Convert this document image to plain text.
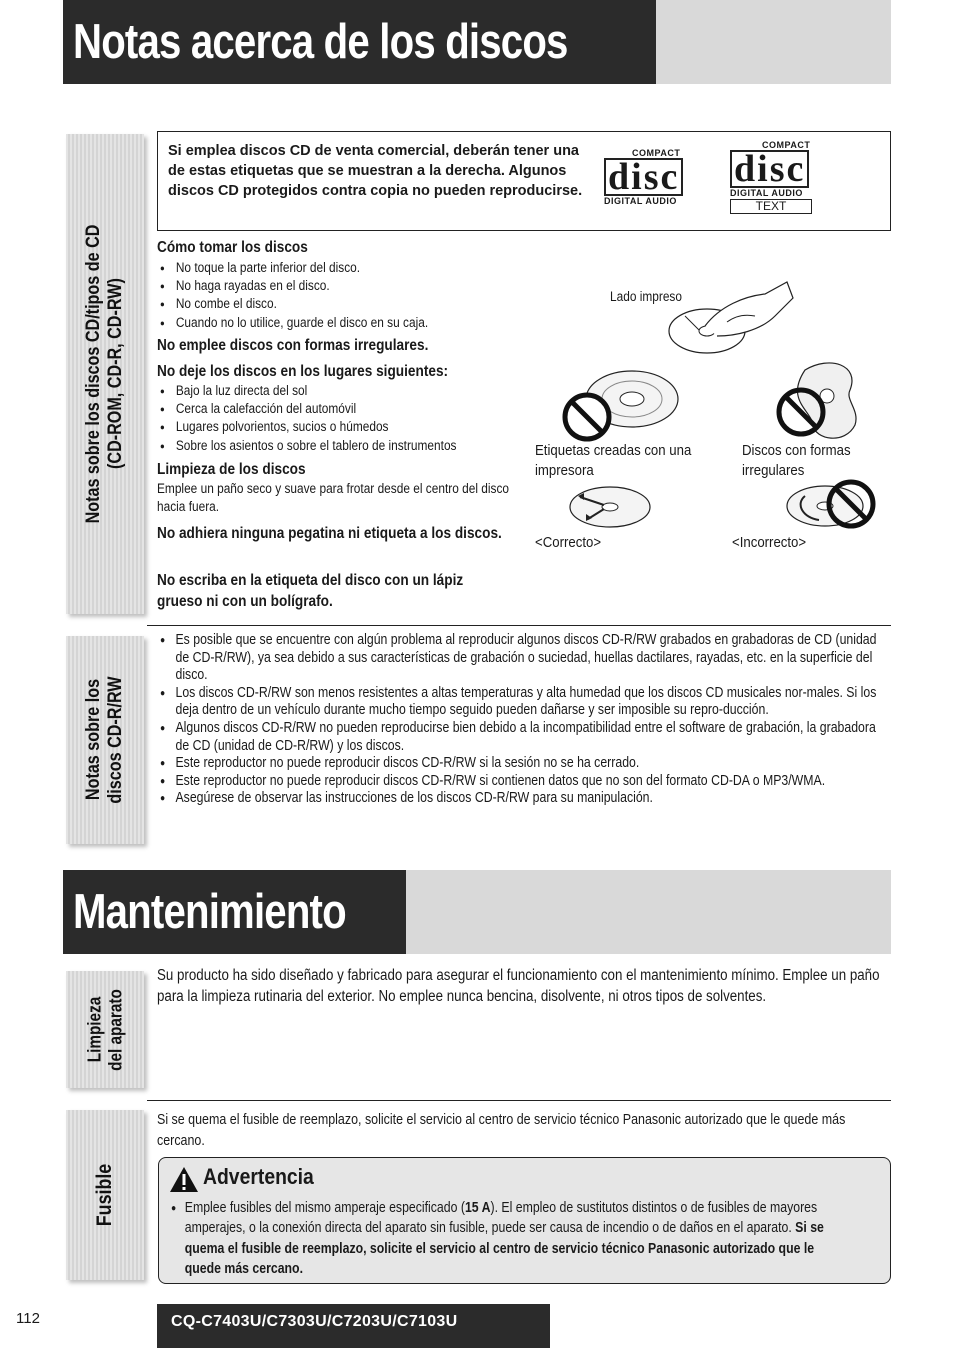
Notas acerca de los discos
Notas sobre los discos CD/tipos de CD
(CD-ROM, CD-R, CD-RW)

Si emplea discos CD de venta comercial, deberán tener una de estas etiquetas que se muestran a la derecha. Algunos discos CD protegidos contra copia no pueden reproducirse.

COMPACT
disc
DIGITAL AUDIO
COMPACT
disc
DIGITAL AUDIO
TEXT
Cómo tomar los discos
● No toque la parte inferior del disco.
● No haga rayadas en el disco.
● No combe el disco.
● Cuando no lo utilice, guarde el disco en su caja.
No emplee discos con formas irregulares.
No deje los discos en los lugares siguientes:
● Bajo la luz directa del sol
● Cerca la calefacción del automóvil
● Lugares polvorientos, sucios o húmedos
● Sobre los asientos o sobre el tablero de instrumentos
Limpieza de los discos
Emplee un paño seco y suave para frotar desde el centro del disco hacia fuera.
No adhiera ninguna pegatina ni etiqueta a los discos.
No escriba en la etiqueta del disco con un lápiz grueso ni con un bolígrafo.
Lado impreso
Etiquetas creadas con una impresora
Discos con formas irregulares
<Correcto>	<Incorrecto>
Notas sobre los
discos CD-R/RW
● Es posible que se encuentre con algún problema al reproducir algunos discos CD-R/RW grabados en grabadoras de CD (unidad de CD-R/RW), ya sea debido a sus características de grabación o suciedad, huellas dactilares, rayadas, etc. en la superficie del disco.
● Los discos CD-R/RW son menos resistentes a altas temperaturas y alta humedad que los discos CD musicales nor-males. Si los deja dentro de un vehículo durante mucho tiempo seguido pueden dañarse y ser imposible su repro-ducción.
● Algunos discos CD-R/RW no pueden reproducirse bien debido a la incompatibilidad entre el software de grabación, la grabadora de CD (unidad de CD-R/RW) y los discos.
● Este reproductor no puede reproducir discos CD-R/RW si la sesión no se ha cerrado.
● Este reproductor no puede reproducir discos CD-R/RW si contienen datos que no son del formato CD-DA o MP3/WMA.
● Asegúrese de observar las instrucciones de los discos CD-R/RW para su manipulación.
Mantenimiento
Limpieza
del aparato
Su producto ha sido diseñado y fabricado para asegurar el funcionamiento con el mantenimiento mínimo. Emplee un paño para la limpieza rutinaria del exterior. No emplee nunca bencina, disolvente, ni otros tipos de solventes.
Fusible
Si se quema el fusible de reemplazo, solicite el servicio al centro de servicio técnico Panasonic autorizado que le quede más cercano.
Advertencia
● Emplee fusibles del mismo amperaje especificado (15 A). El empleo de sustitutos distintos o de fusibles de mayores amperajes, o la conexión directa del aparato sin fusible, puede ser causa de incendio o de daños en el aparato. Si se quema el fusible de reemplazo, solicite el servicio al centro de servicio técnico Panasonic autorizado que le quede más cercano.
112	CQ-C7403U/C7303U/C7203U/C7103U
